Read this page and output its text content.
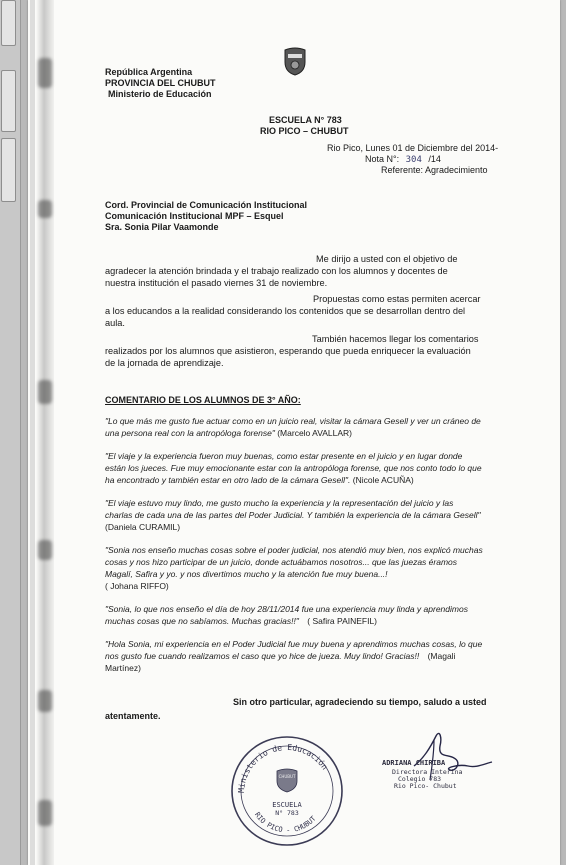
República Argentina
PROVINCIA DEL CHUBUT
Ministerio de Educación
ESCUELA N° 783
RIO PICO – CHUBUT
Rio Pico, Lunes 01 de Diciembre del 2014-
Nota N°: 304 /14
Referente: Agradecimiento
Cord. Provincial de Comunicación Institucional
Comunicación Institucional MPF – Esquel
Sra. Sonia Pilar Vaamonde
Me dirijo a usted con el objetivo de
agradecer la atención brindada y el trabajo realizado con los alumnos y docentes de
nuestra institución el pasado viernes 31 de noviembre.
Propuestas como estas permiten acercar
a los educandos a la realidad considerando los contenidos que se desarrollan dentro del
aula.
También hacemos llegar los comentarios
realizados por los alumnos que asistieron, esperando que pueda enriquecer la evaluación
de la jornada de aprendizaje.
COMENTARIO DE LOS ALUMNOS DE 3° AÑO:
"Lo que más me gusto fue actuar como en un juicio real, visitar la cámara Gesell y ver un cráneo de
una persona real con la antropóloga forense" (Marcelo AVALLAR)
"El viaje y la experiencia fueron muy buenas, como estar presente en el juicio y en lugar donde
están los jueces. Fue muy emocionante estar con la antropóloga forense, que nos conto todo lo que
ha encontrado y también estar en otro lado de la cámara Gesell". (Nicole ACUÑA)
"El viaje estuvo muy lindo, me gusto mucho la experiencia y la representación del juicio y las
charlas de cada una de las partes del Poder Judicial. Y también la experiencia de la cámara Gesell"
(Daniela CURAMIL)
"Sonia nos enseño muchas cosas sobre el poder judicial, nos atendió muy bien, nos explicó muchas
cosas y nos hizo participar de un juicio, donde actuábamos nosotros... que las juezas éramos
Magalí, Safira y yo. y nos divertimos mucho y la atención fue muy buena...!
( Johana RIFFO)
"Sonia, lo que nos enseño el día de hoy 28/11/2014 fue una experiencia muy linda y aprendimos
muchas cosas que no sabíamos. Muchas gracias!!" ( Safira PAINEFIL)
"Hola Sonia, mi experiencia en el Poder Judicial fue muy buena y aprendimos muchas cosas, lo que
nos gusto fue cuando realizamos el caso que yo hice de jueza. Muy lindo! Gracias!! (Magali
Martínez)
Sin otro particular, agradeciendo su tiempo, saludo a usted
atentamente.
Ministerio de Educación
CHUBUT
ESCUELA
N° 783
RIO PICO - CHUBUT
ADRIANA CHIRIBA
Directora Interina
Colegio 783
Rio Pico- Chubut
